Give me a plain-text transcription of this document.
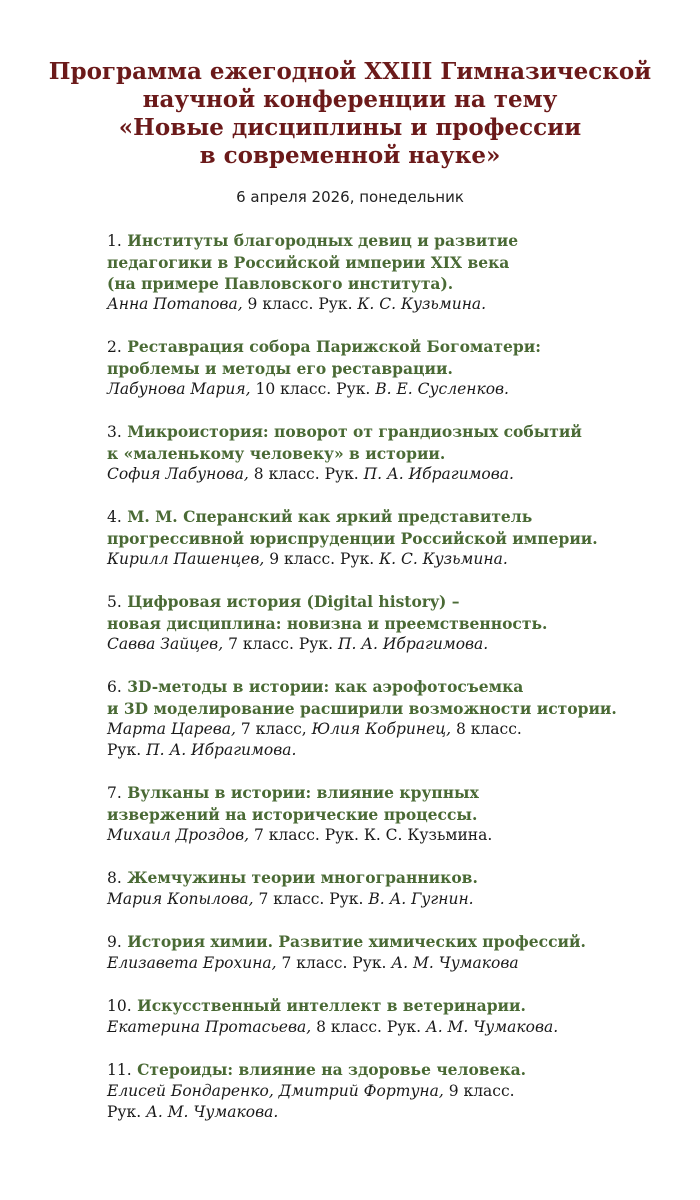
Программа ежегодной XXIII Гимназической
научной конференции на тему
«Новые дисциплины и профессии
в современной науке»
6 апреля 2026, понедельник
1. Институты благородных девиц и развитие
педагогики в Российской империи XIX века
(на примере Павловского института).
Анна Потапова, 9 класс. Рук. К. С. Кузьмина.
2. Реставрация собора Парижской Богоматери:
проблемы и методы его реставрации.
Лабунова Мария, 10 класс. Рук. В. Е. Сусленков.
3. Микроистория: поворот от грандиозных событий
к «маленькому человеку» в истории.
София Лабунова, 8 класс. Рук. П. А. Ибрагимова.
4. М. М. Сперанский как яркий представитель
прогрессивной юриспруденции Российской империи.
Кирилл Пашенцев, 9 класс. Рук. К. С. Кузьмина.
5. Цифровая история (Digital history) –
новая дисциплина: новизна и преемственность.
Савва Зайцев, 7 класс. Рук. П. А. Ибрагимова.
6. 3D-методы в истории: как аэрофотосъемка
и 3D моделирование расширили возможности истории.
Марта Царева, 7 класс, Юлия Кобринец, 8 класс.
Рук. П. А. Ибрагимова.
7. Вулканы в истории: влияние крупных
извержений на исторические процессы.
Михаил Дроздов, 7 класс. Рук. К. С. Кузьмина.
8. Жемчужины теории многогранников.
Мария Копылова, 7 класс. Рук. В. А. Гугнин.
9. История химии. Развитие химических профессий.
Елизавета Ерохина, 7 класс. Рук. А. М. Чумакова
10. Искусственный интеллект в ветеринарии.
Екатерина Протасьева, 8 класс. Рук. А. М. Чумакова.
11. Стероиды: влияние на здоровье человека.
Елисей Бондаренко, Дмитрий Фортуна, 9 класс.
Рук. А. М. Чумакова.
